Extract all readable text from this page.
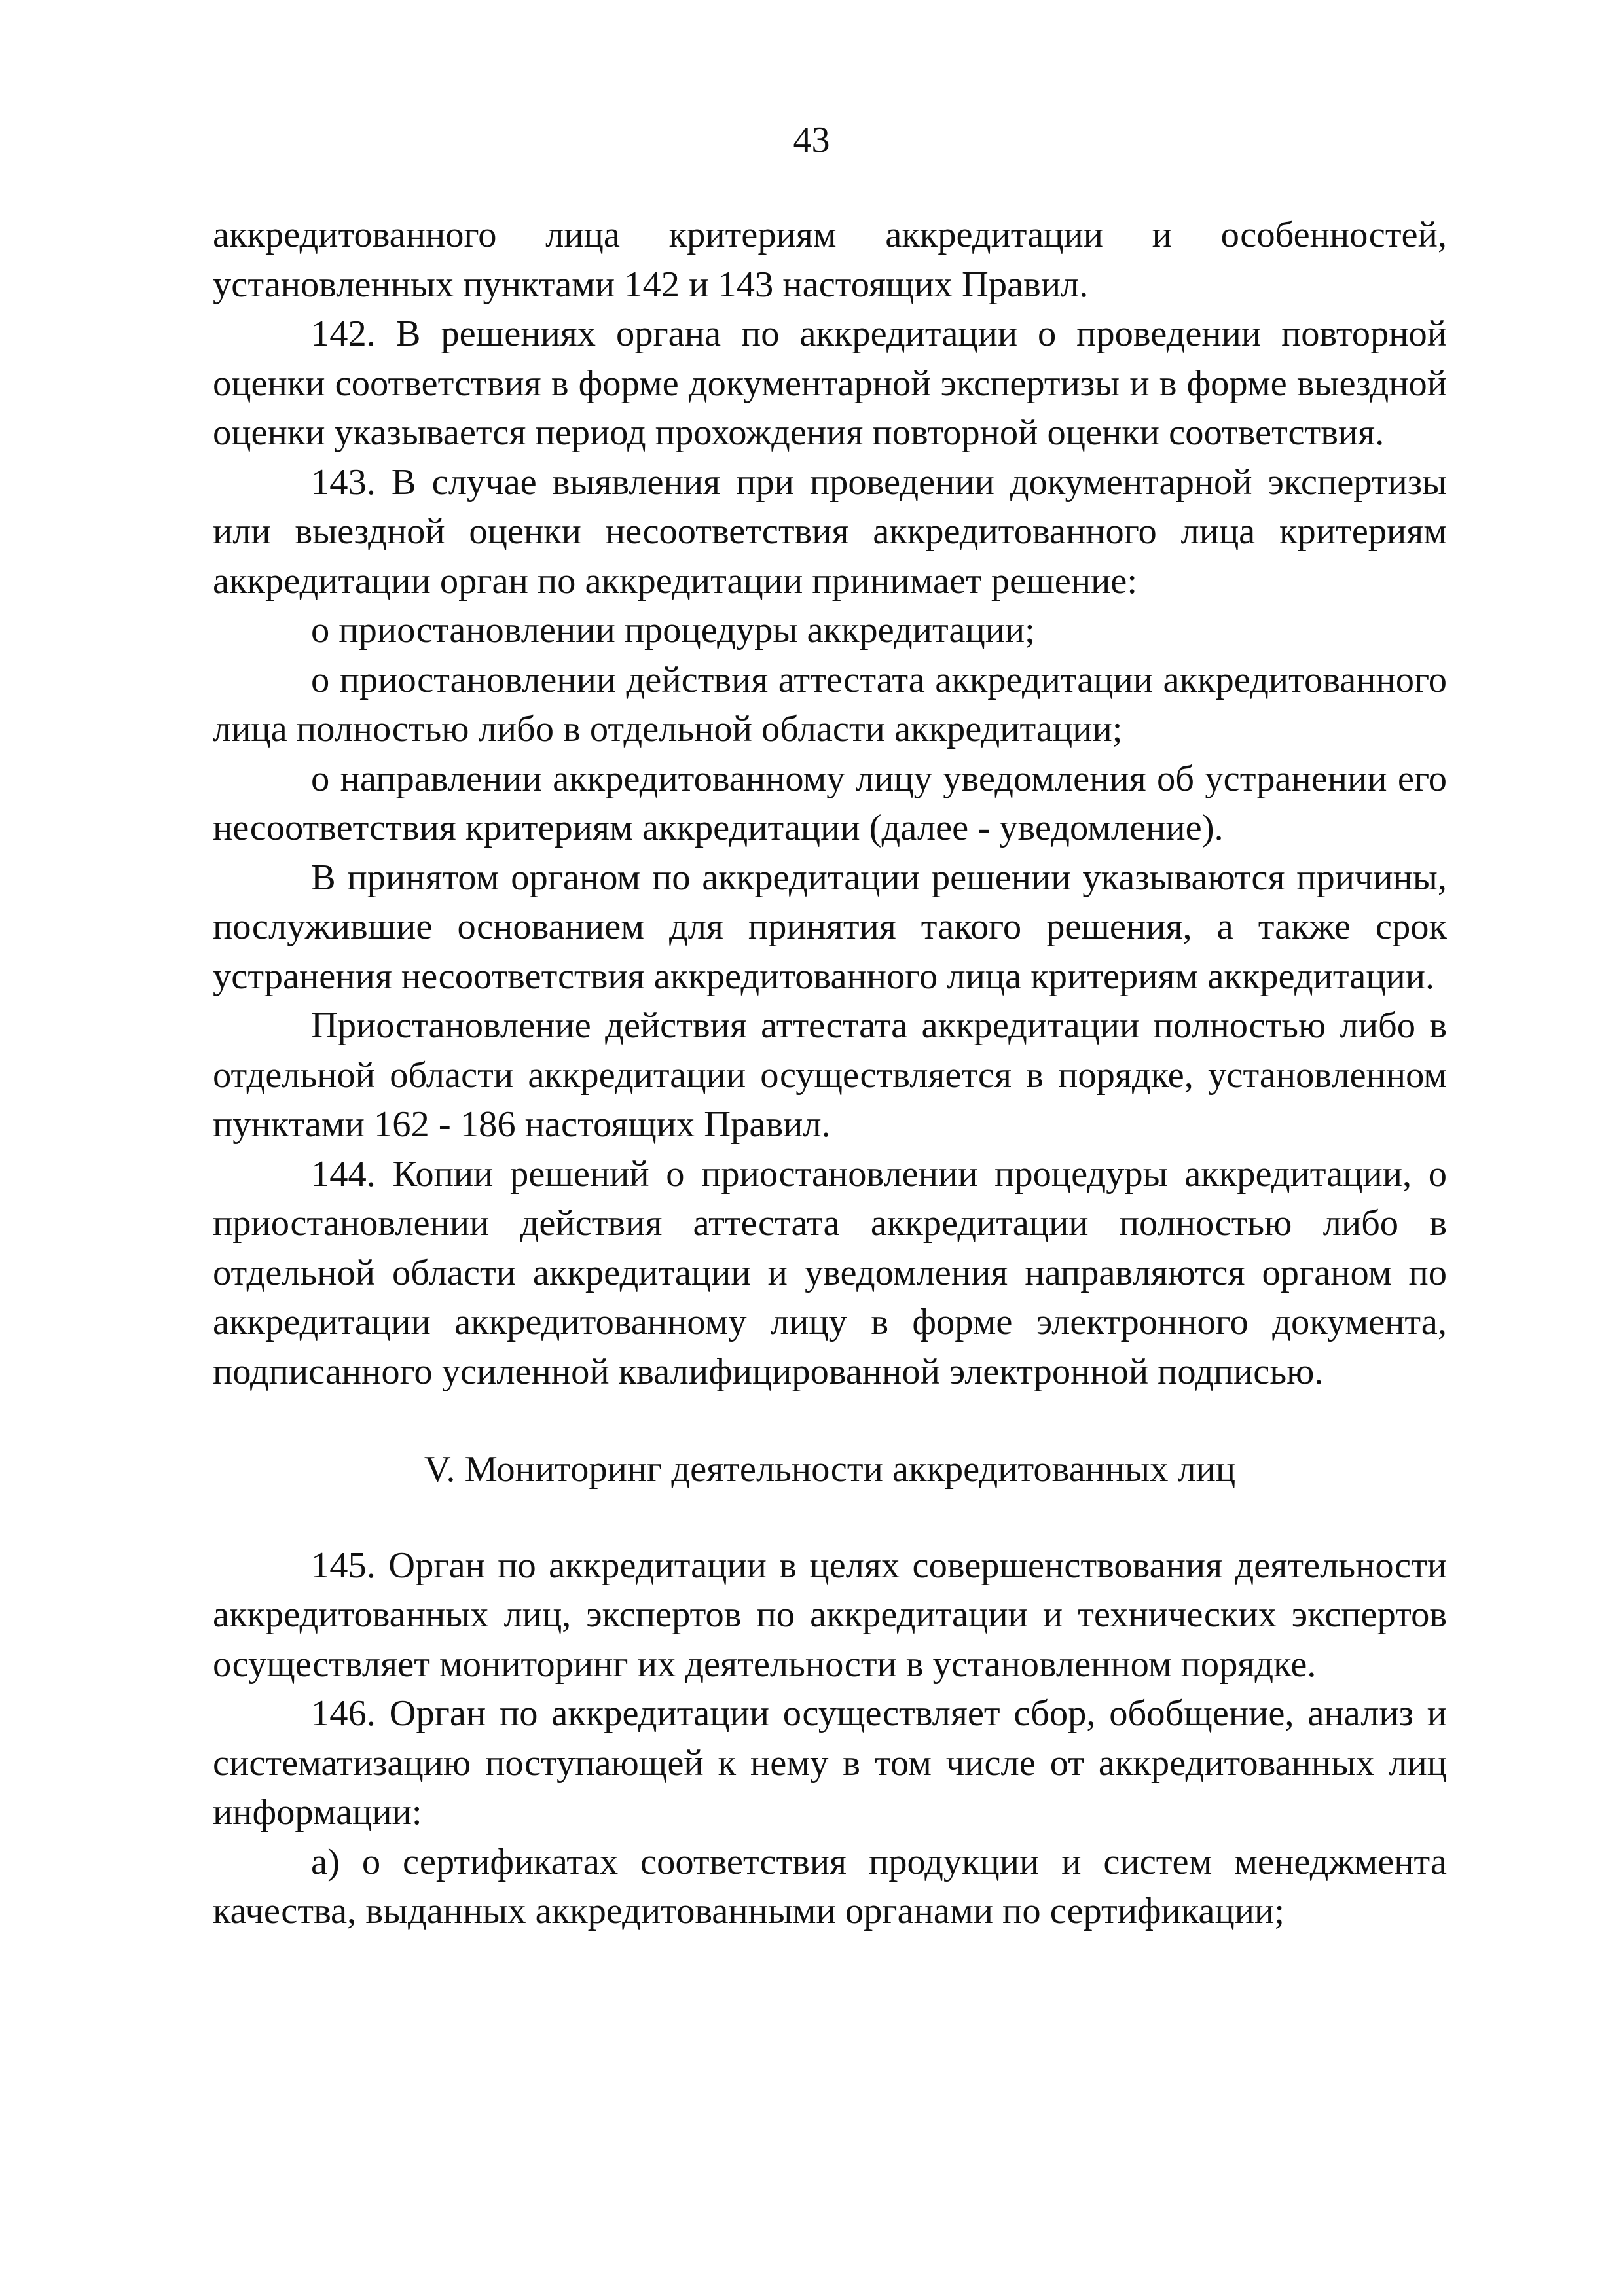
43

аккредитованного лица критериям аккредитации и особенностей, установленных пунктами 142 и 143 настоящих Правил.

142. В решениях органа по аккредитации о проведении повторной оценки соответствия в форме документарной экспертизы и в форме выездной оценки указывается период прохождения повторной оценки соответствия.

143. В случае выявления при проведении документарной экспертизы или выездной оценки несоответствия аккредитованного лица критериям аккредитации орган по аккредитации принимает решение:

о приостановлении процедуры аккредитации;

о приостановлении действия аттестата аккредитации аккредитованного лица полностью либо в отдельной области аккредитации;

о направлении аккредитованному лицу уведомления об устранении его несоответствия критериям аккредитации (далее - уведомление).

В принятом органом по аккредитации решении указываются причины, послужившие основанием для принятия такого решения, а также срок устранения несоответствия аккредитованного лица критериям аккредитации.

Приостановление действия аттестата аккредитации полностью либо в отдельной области аккредитации осуществляется в порядке, установленном пунктами 162 - 186 настоящих Правил.

144. Копии решений о приостановлении процедуры аккредитации, о приостановлении действия аттестата аккредитации полностью либо в отдельной области аккредитации и уведомления направляются органом по аккредитации аккредитованному лицу в форме электронного документа, подписанного усиленной квалифицированной электронной подписью.

V. Мониторинг деятельности аккредитованных лиц

145. Орган по аккредитации в целях совершенствования деятельности аккредитованных лиц, экспертов по аккредитации и технических экспертов осуществляет мониторинг их деятельности в установленном порядке.

146. Орган по аккредитации осуществляет сбор, обобщение, анализ и систематизацию поступающей к нему в том числе от аккредитованных лиц информации:

а) о сертификатах соответствия продукции и систем менеджмента качества, выданных аккредитованными органами по сертификации;
